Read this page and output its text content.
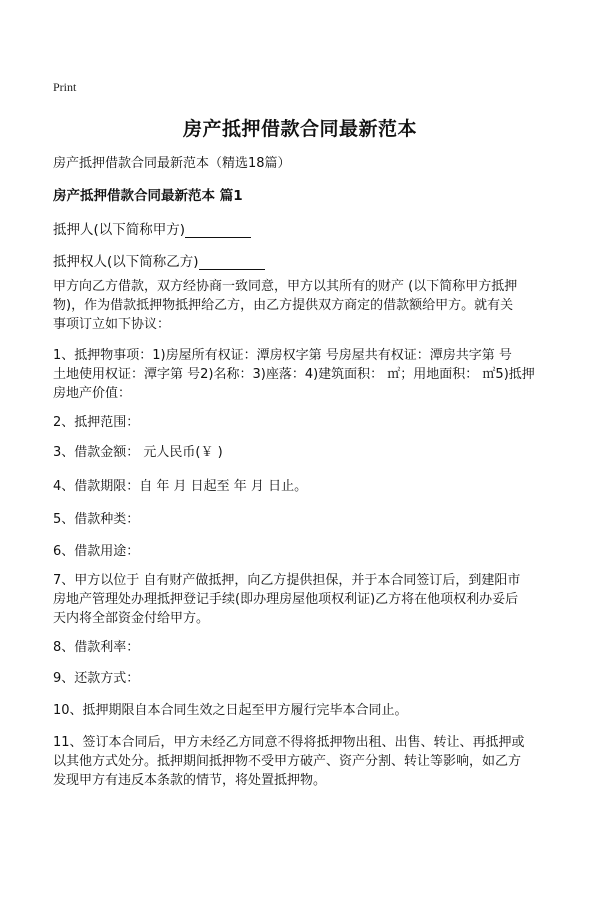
Print
房产抵押借款合同最新范本
房产抵押借款合同最新范本（精选18篇）
房产抵押借款合同最新范本 篇1
抵押人(以下简称甲方)
抵押权人(以下简称乙方)

甲方向乙方借款，双方经协商一致同意，甲方以其所有的财产 (以下简称甲方抵押
物)，作为借款抵押物抵押给乙方，由乙方提供双方商定的借款额给甲方。就有关
事项订立如下协议：

1、抵押物事项：1)房屋所有权证：潭房权字第 号房屋共有权证：潭房共字第 号
土地使用权证：潭字第 号2)名称：3)座落：4)建筑面积： ㎡；用地面积： ㎡5)抵押
房地产价值：

2、抵押范围：

3、借款金额： 元人民币(￥ )

4、借款期限：自 年 月 日起至 年 月 日止。

5、借款种类：

6、借款用途：

7、甲方以位于 自有财产做抵押，向乙方提供担保，并于本合同签订后，到建阳市
房地产管理处办理抵押登记手续(即办理房屋他项权利证)乙方将在他项权利办妥后
天内将全部资金付给甲方。

8、借款利率：

9、还款方式：

10、抵押期限自本合同生效之日起至甲方履行完毕本合同止。

11、签订本合同后，甲方未经乙方同意不得将抵押物出租、出售、转让、再抵押或
以其他方式处分。抵押期间抵押物不受甲方破产、资产分割、转让等影响，如乙方
发现甲方有违反本条款的情节，将处置抵押物。
